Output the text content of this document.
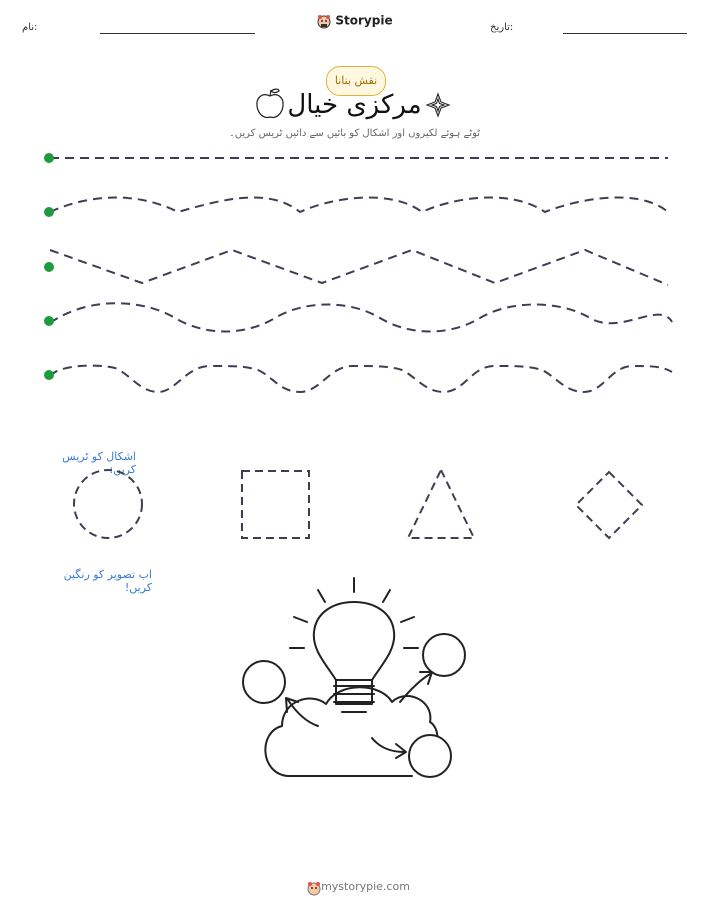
نام:	تاریخ:
Storypie
نقش بنانا
مرکزی خیال
ٹوٹے ہوئے لکیروں اور اشکال کو بائیں سے دائیں ٹریس کریں۔
اشکال کو ٹریس کریں:
اب تصویر کو رنگین کریں!
mystorypie.com
